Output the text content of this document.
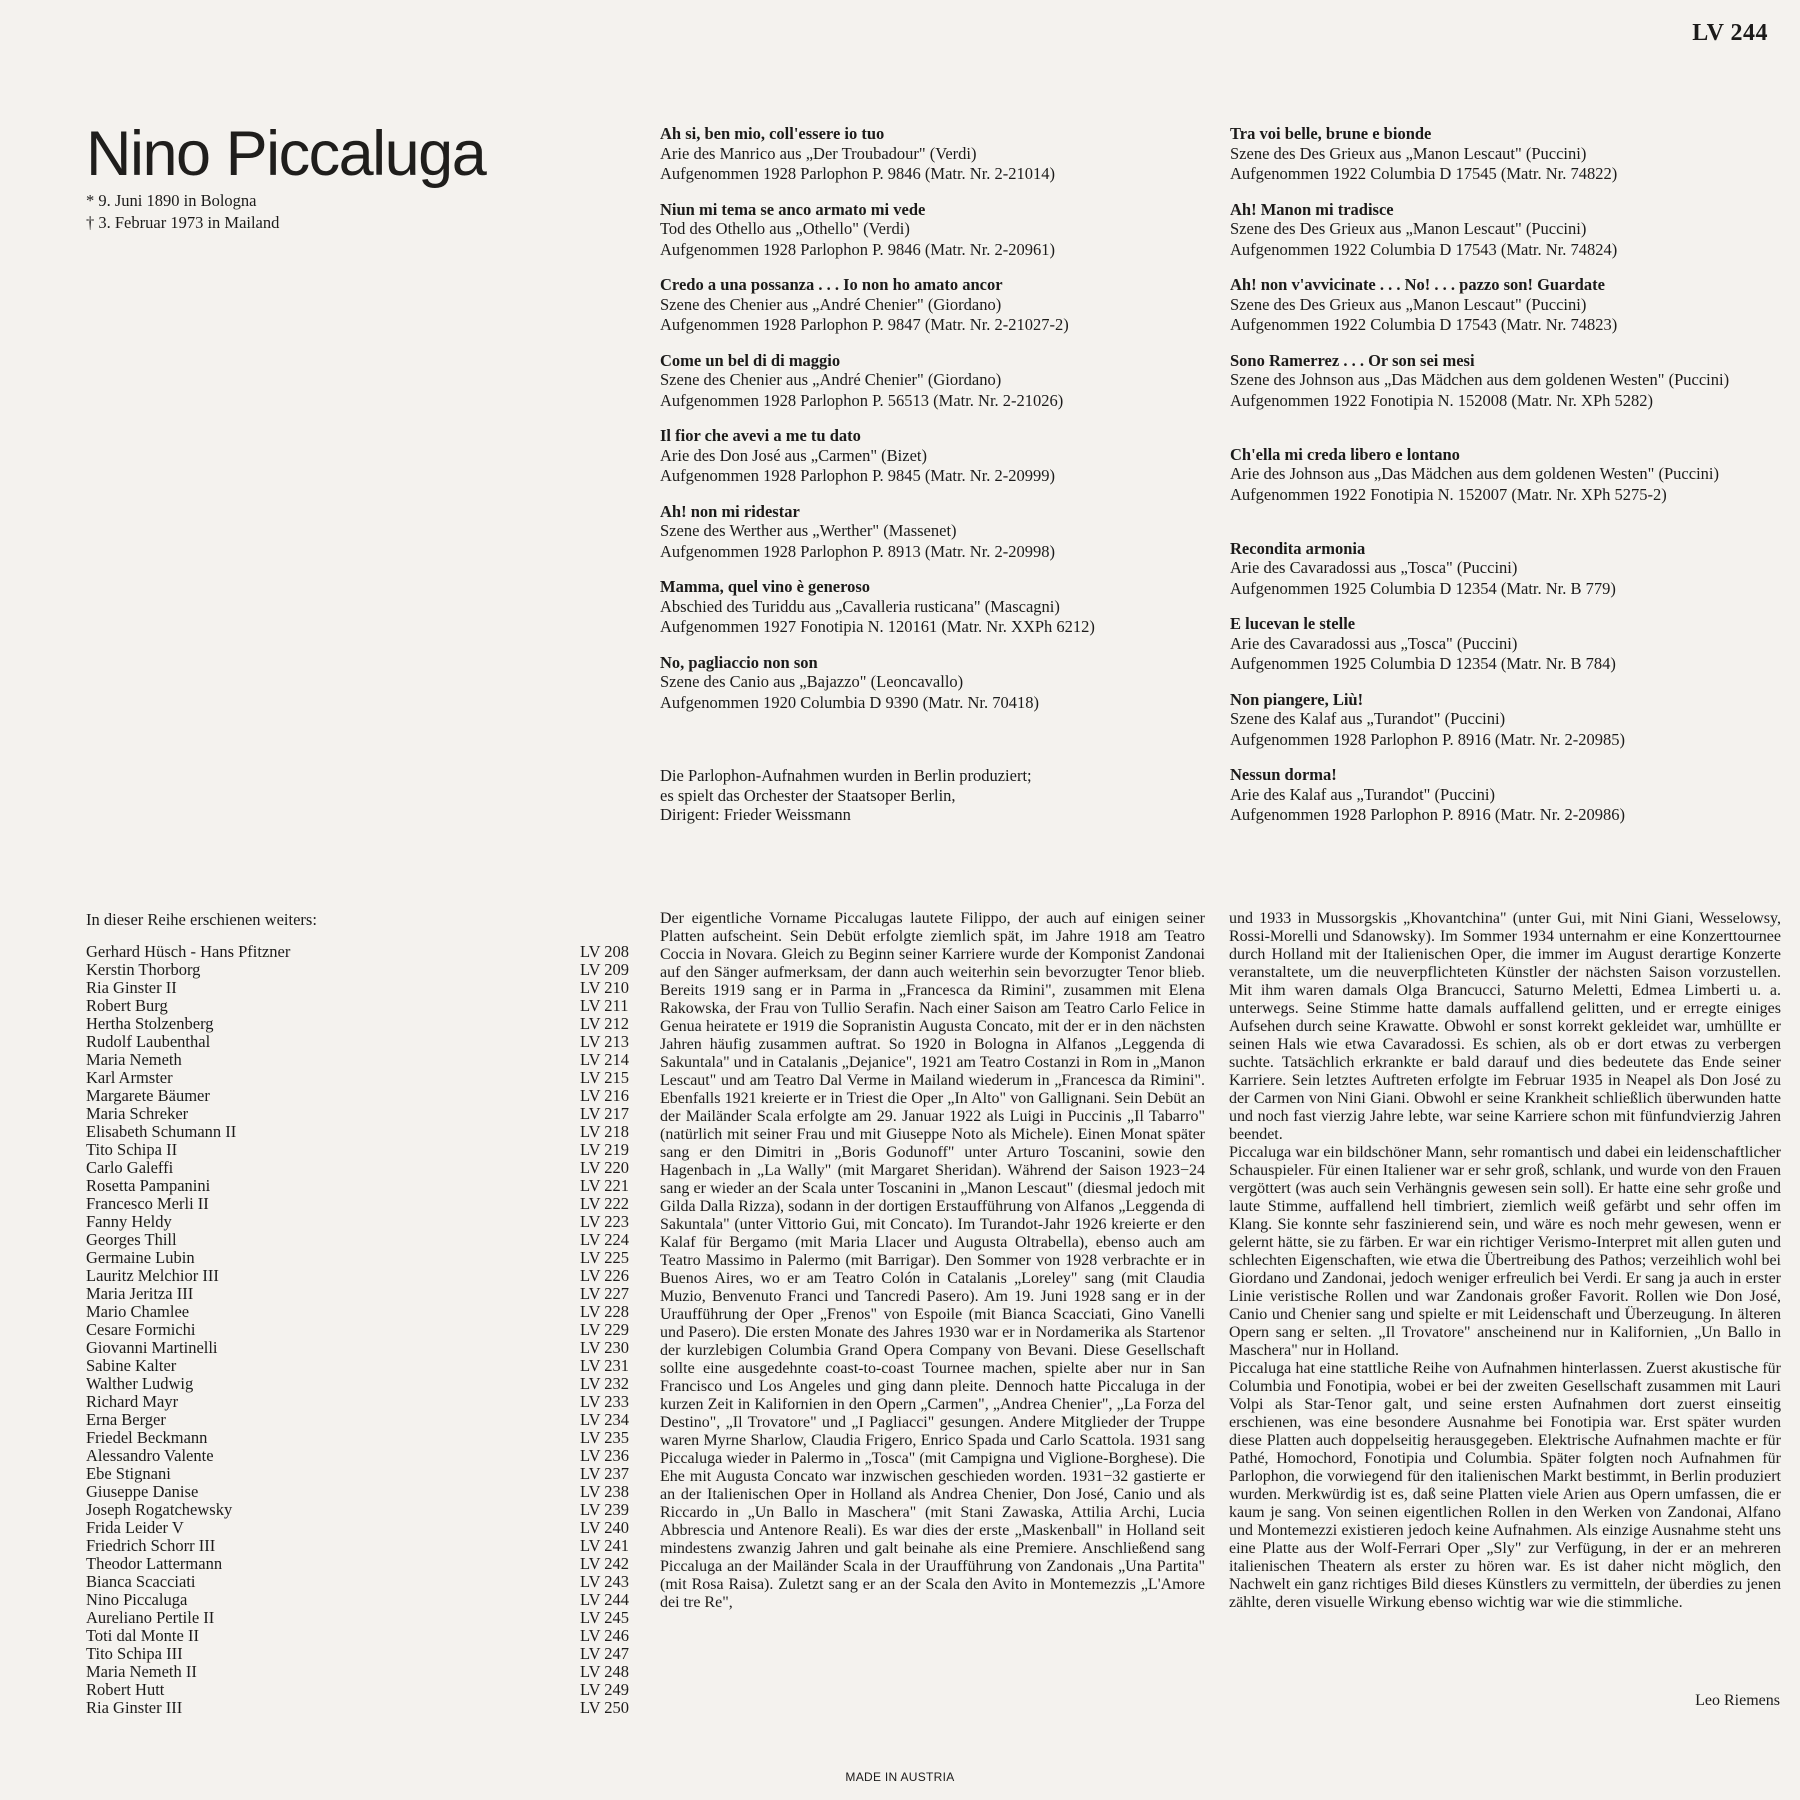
LV 244
Nino Piccaluga
* 9. Juni 1890 in Bologna
† 3. Februar 1973 in Mailand
Ah si, ben mio, coll'essere io tuo
Arie des Manrico aus „Der Troubadour" (Verdi)
Aufgenommen 1928 Parlophon P. 9846 (Matr. Nr. 2-21014)
Niun mi tema se anco armato mi vede
Tod des Othello aus „Othello" (Verdi)
Aufgenommen 1928 Parlophon P. 9846 (Matr. Nr. 2-20961)
Credo a una possanza . . . Io non ho amato ancor
Szene des Chenier aus „André Chenier" (Giordano)
Aufgenommen 1928 Parlophon P. 9847 (Matr. Nr. 2-21027-2)
Come un bel di di maggio
Szene des Chenier aus „André Chenier" (Giordano)
Aufgenommen 1928 Parlophon P. 56513 (Matr. Nr. 2-21026)
Il fior che avevi a me tu dato
Arie des Don José aus „Carmen" (Bizet)
Aufgenommen 1928 Parlophon P. 9845 (Matr. Nr. 2-20999)
Ah! non mi ridestar
Szene des Werther aus „Werther" (Massenet)
Aufgenommen 1928 Parlophon P. 8913 (Matr. Nr. 2-20998)
Mamma, quel vino è generoso
Abschied des Turiddu aus „Cavalleria rusticana" (Mascagni)
Aufgenommen 1927 Fonotipia N. 120161 (Matr. Nr. XXPh 6212)
No, pagliaccio non son
Szene des Canio aus „Bajazzo" (Leoncavallo)
Aufgenommen 1920 Columbia D 9390 (Matr. Nr. 70418)
Die Parlophon-Aufnahmen wurden in Berlin produziert;
es spielt das Orchester der Staatsoper Berlin,
Dirigent: Frieder Weissmann
Tra voi belle, brune e bionde
Szene des Des Grieux aus „Manon Lescaut" (Puccini)
Aufgenommen 1922 Columbia D 17545 (Matr. Nr. 74822)
Ah! Manon mi tradisce
Szene des Des Grieux aus „Manon Lescaut" (Puccini)
Aufgenommen 1922 Columbia D 17543 (Matr. Nr. 74824)
Ah! non v'avvicinate . . . No! . . . pazzo son! Guardate
Szene des Des Grieux aus „Manon Lescaut" (Puccini)
Aufgenommen 1922 Columbia D 17543 (Matr. Nr. 74823)
Sono Ramerrez . . . Or son sei mesi
Szene des Johnson aus „Das Mädchen aus dem goldenen Westen" (Puccini)
Aufgenommen 1922 Fonotipia N. 152008 (Matr. Nr. XPh 5282)
Ch'ella mi creda libero e lontano
Arie des Johnson aus „Das Mädchen aus dem goldenen Westen" (Puccini)
Aufgenommen 1922 Fonotipia N. 152007 (Matr. Nr. XPh 5275-2)
Recondita armonia
Arie des Cavaradossi aus „Tosca" (Puccini)
Aufgenommen 1925 Columbia D 12354 (Matr. Nr. B 779)
E lucevan le stelle
Arie des Cavaradossi aus „Tosca" (Puccini)
Aufgenommen 1925 Columbia D 12354 (Matr. Nr. B 784)
Non piangere, Liù!
Szene des Kalaf aus „Turandot" (Puccini)
Aufgenommen 1928 Parlophon P. 8916 (Matr. Nr. 2-20985)
Nessun dorma!
Arie des Kalaf aus „Turandot" (Puccini)
Aufgenommen 1928 Parlophon P. 8916 (Matr. Nr. 2-20986)
In dieser Reihe erschienen weiters:
Gerhard Hüsch - Hans Pfitzner	LV 208
Kerstin Thorborg	LV 209
Ria Ginster II	LV 210
Robert Burg	LV 211
Hertha Stolzenberg	LV 212
Rudolf Laubenthal	LV 213
Maria Nemeth	LV 214
Karl Armster	LV 215
Margarete Bäumer	LV 216
Maria Schreker	LV 217
Elisabeth Schumann II	LV 218
Tito Schipa II	LV 219
Carlo Galeffi	LV 220
Rosetta Pampanini	LV 221
Francesco Merli II	LV 222
Fanny Heldy	LV 223
Georges Thill	LV 224
Germaine Lubin	LV 225
Lauritz Melchior III	LV 226
Maria Jeritza III	LV 227
Mario Chamlee	LV 228
Cesare Formichi	LV 229
Giovanni Martinelli	LV 230
Sabine Kalter	LV 231
Walther Ludwig	LV 232
Richard Mayr	LV 233
Erna Berger	LV 234
Friedel Beckmann	LV 235
Alessandro Valente	LV 236
Ebe Stignani	LV 237
Giuseppe Danise	LV 238
Joseph Rogatchewsky	LV 239
Frida Leider V	LV 240
Friedrich Schorr III	LV 241
Theodor Lattermann	LV 242
Bianca Scacciati	LV 243
Nino Piccaluga	LV 244
Aureliano Pertile II	LV 245
Toti dal Monte II	LV 246
Tito Schipa III	LV 247
Maria Nemeth II	LV 248
Robert Hutt	LV 249
Ria Ginster III	LV 250

Der eigentliche Vorname Piccalugas lautete Filippo, der auch auf einigen seiner Platten aufscheint. Sein Debüt erfolgte ziemlich spät, im Jahre 1918 am Teatro Coccia in Novara. Gleich zu Beginn seiner Karriere wurde der Komponist Zandonai auf den Sänger aufmerksam, der dann auch weiterhin sein bevorzugter Tenor blieb. Bereits 1919 sang er in Parma in „Francesca da Rimini", zusammen mit Elena Rakowska, der Frau von Tullio Serafin. Nach einer Saison am Teatro Carlo Felice in Genua heiratete er 1919 die Sopranistin Augusta Concato, mit der er in den nächsten Jahren häufig zusammen auftrat. So 1920 in Bologna in Alfanos „Leggenda di Sakuntala" und in Catalanis „Dejanice", 1921 am Teatro Costanzi in Rom in „Manon Lescaut" und am Teatro Dal Verme in Mailand wiederum in „Francesca da Rimini". Ebenfalls 1921 kreierte er in Triest die Oper „In Alto" von Gallignani. Sein Debüt an der Mailänder Scala erfolgte am 29. Januar 1922 als Luigi in Puccinis „Il Tabarro" (natürlich mit seiner Frau und mit Giuseppe Noto als Michele). Einen Monat später sang er den Dimitri in „Boris Godunoff" unter Arturo Toscanini, sowie den Hagenbach in „La Wally" (mit Margaret Sheridan). Während der Saison 1923−24 sang er wieder an der Scala unter Toscanini in „Manon Lescaut" (diesmal jedoch mit Gilda Dalla Rizza), sodann in der dortigen Erstaufführung von Alfanos „Leggenda di Sakuntala" (unter Vittorio Gui, mit Concato). Im Turandot-Jahr 1926 kreierte er den Kalaf für Bergamo (mit Maria Llacer und Augusta Oltrabella), ebenso auch am Teatro Massimo in Palermo (mit Barrigar). Den Sommer von 1928 verbrachte er in Buenos Aires, wo er am Teatro Colón in Catalanis „Loreley" sang (mit Claudia Muzio, Benvenuto Franci und Tancredi Pasero). Am 19. Juni 1928 sang er in der Uraufführung der Oper „Frenos" von Espoile (mit Bianca Scacciati, Gino Vanelli und Pasero). Die ersten Monate des Jahres 1930 war er in Nordamerika als Startenor der kurzlebigen Columbia Grand Opera Company von Bevani. Diese Gesellschaft sollte eine ausgedehnte coast-to-coast Tournee machen, spielte aber nur in San Francisco und Los Angeles und ging dann pleite. Dennoch hatte Piccaluga in der kurzen Zeit in Kalifornien in den Opern „Carmen", „Andrea Chenier", „La Forza del Destino", „Il Trovatore" und „I Pagliacci" gesungen. Andere Mitglieder der Truppe waren Myrne Sharlow, Claudia Frigero, Enrico Spada und Carlo Scattola. 1931 sang Piccaluga wieder in Palermo in „Tosca" (mit Campigna und Viglione-Borghese). Die Ehe mit Augusta Concato war inzwischen geschieden worden. 1931−32 gastierte er an der Italienischen Oper in Holland als Andrea Chenier, Don José, Canio und als Riccardo in „Un Ballo in Maschera" (mit Stani Zawaska, Attilia Archi, Lucia Abbrescia und Antenore Reali). Es war dies der erste „Maskenball" in Holland seit mindestens zwanzig Jahren und galt beinahe als eine Premiere. Anschließend sang Piccaluga an der Mailänder Scala in der Uraufführung von Zandonais „Una Partita" (mit Rosa Raisa). Zuletzt sang er an der Scala den Avito in Montemezzis „L'Amore dei tre Re",

und 1933 in Mussorgskis „Khovantchina" (unter Gui, mit Nini Giani, Wesselowsy, Rossi-Morelli und Sdanowsky). Im Sommer 1934 unternahm er eine Konzerttournee durch Holland mit der Italienischen Oper, die immer im August derartige Konzerte veranstaltete, um die neuverpflichteten Künstler der nächsten Saison vorzustellen. Mit ihm waren damals Olga Brancucci, Saturno Meletti, Edmea Limberti u. a. unterwegs. Seine Stimme hatte damals auffallend gelitten, und er erregte einiges Aufsehen durch seine Krawatte. Obwohl er sonst korrekt gekleidet war, umhüllte er seinen Hals wie etwa Cavaradossi. Es schien, als ob er dort etwas zu verbergen suchte. Tatsächlich erkrankte er bald darauf und dies bedeutete das Ende seiner Karriere. Sein letztes Auftreten erfolgte im Februar 1935 in Neapel als Don José zu der Carmen von Nini Giani. Obwohl er seine Krankheit schließlich überwunden hatte und noch fast vierzig Jahre lebte, war seine Karriere schon mit fünfundvierzig Jahren beendet.

Piccaluga war ein bildschöner Mann, sehr romantisch und dabei ein leidenschaftlicher Schauspieler. Für einen Italiener war er sehr groß, schlank, und wurde von den Frauen vergöttert (was auch sein Verhängnis gewesen sein soll). Er hatte eine sehr große und laute Stimme, auffallend hell timbriert, ziemlich weiß gefärbt und sehr offen im Klang. Sie konnte sehr faszinierend sein, und wäre es noch mehr gewesen, wenn er gelernt hätte, sie zu färben. Er war ein richtiger Verismo-Interpret mit allen guten und schlechten Eigenschaften, wie etwa die Übertreibung des Pathos; verzeihlich wohl bei Giordano und Zandonai, jedoch weniger erfreulich bei Verdi. Er sang ja auch in erster Linie veristische Rollen und war Zandonais großer Favorit. Rollen wie Don José, Canio und Chenier sang und spielte er mit Leidenschaft und Überzeugung. In älteren Opern sang er selten. „Il Trovatore" anscheinend nur in Kalifornien, „Un Ballo in Maschera" nur in Holland.

Piccaluga hat eine stattliche Reihe von Aufnahmen hinterlassen. Zuerst akustische für Columbia und Fonotipia, wobei er bei der zweiten Gesellschaft zusammen mit Lauri Volpi als Star-Tenor galt, und seine ersten Aufnahmen dort zuerst einseitig erschienen, was eine besondere Ausnahme bei Fonotipia war. Erst später wurden diese Platten auch doppelseitig herausgegeben. Elektrische Aufnahmen machte er für Pathé, Homochord, Fonotipia und Columbia. Später folgten noch Aufnahmen für Parlophon, die vorwiegend für den italienischen Markt bestimmt, in Berlin produziert wurden. Merkwürdig ist es, daß seine Platten viele Arien aus Opern umfassen, die er kaum je sang. Von seinen eigentlichen Rollen in den Werken von Zandonai, Alfano und Montemezzi existieren jedoch keine Aufnahmen. Als einzige Ausnahme steht uns eine Platte aus der Wolf-Ferrari Oper „Sly" zur Verfügung, in der er an mehreren italienischen Theatern als erster zu hören war. Es ist daher nicht möglich, den Nachwelt ein ganz richtiges Bild dieses Künstlers zu vermitteln, der überdies zu jenen zählte, deren visuelle Wirkung ebenso wichtig war wie die stimmliche.

Leo Riemens
MADE IN AUSTRIA
